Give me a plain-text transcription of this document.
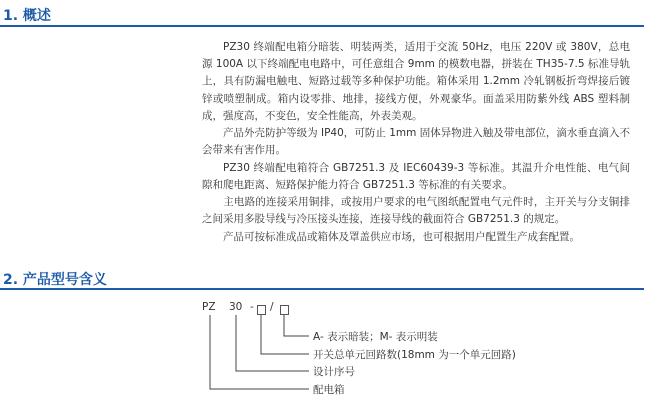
1. 概述

PZ30 终端配电箱分暗装、明装两类，适用于交流 50Hz，电压 220V 或 380V，总电源 100A 以下终端配电电路中，可任意组合 9mm 的模数电器，拼装在 TH35-7.5 标准导轨上，具有防漏电触电、短路过载等多种保护功能。箱体采用 1.2mm 冷轧钢板折弯焊接后镀锌或喷塑制成。箱内设零排、地排，接线方便，外观豪华。面盖采用防紫外线 ABS 塑料制成，强度高，不变色，安全性能高，外表美观。

产品外壳防护等级为 IP40，可防止 1mm 固体异物进入触及带电部位，滴水垂直滴入不会带来有害作用。

PZ30 终端配电箱符合 GB7251.3 及 IEC60439-3 等标准。其温升介电性能、电气间隙和爬电距离、短路保护能力符合 GB7251.3 等标准的有关要求。

主电路的连接采用铜排，或按用户要求的电气图纸配置电气元件时，主开关与分支铜排之间采用多股导线与冷压接头连接，连接导线的截面符合 GB7251.3 的规定。

产品可按标准成品或箱体及罩盖供应市场，也可根据用户配置生产成套配置。

2. 产品型号含义
PZ 30 - /
A- 表示暗装；M- 表示明装
开关总单元回路数(18mm 为一个单元回路)
设计序号
配电箱
